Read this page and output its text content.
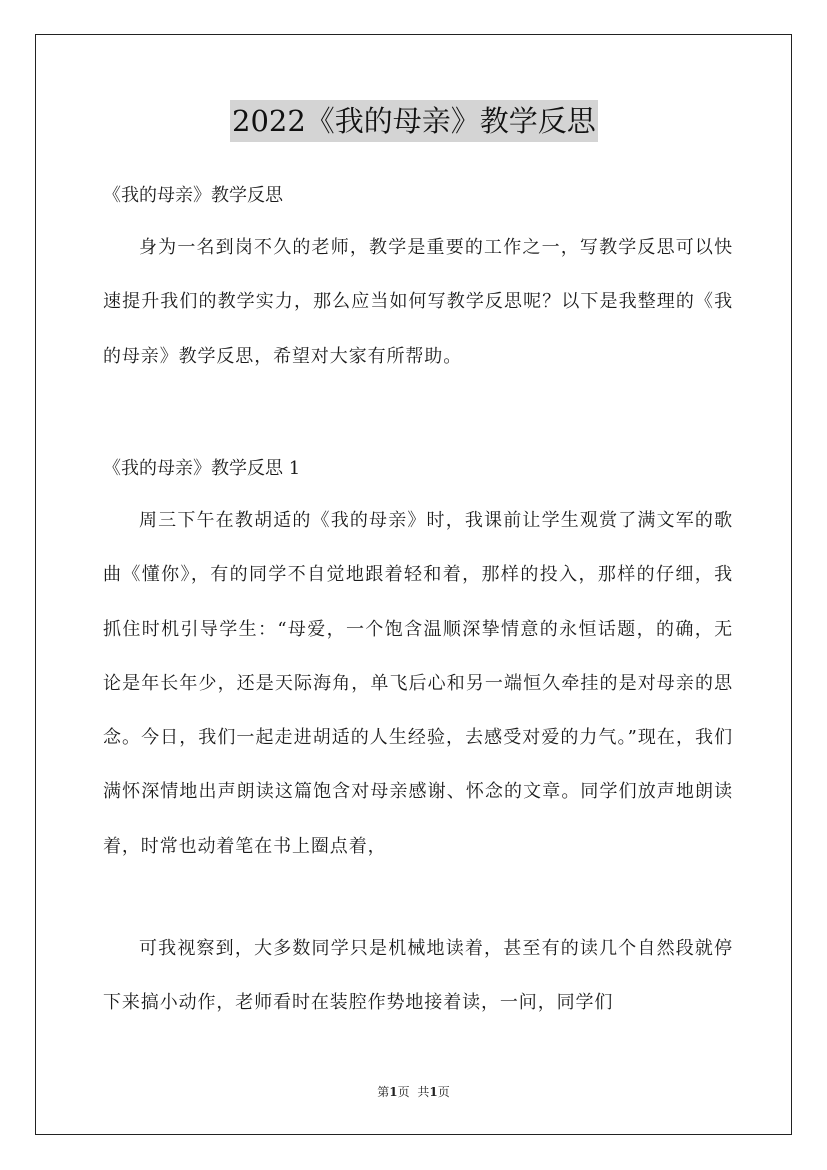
2022《我的母亲》教学反思
《我的母亲》教学反思
身为一名到岗不久的老师，教学是重要的工作之一，写教学反思可以快速提升我们的教学实力，那么应当如何写教学反思呢？以下是我整理的《我的母亲》教学反思，希望对大家有所帮助。
《我的母亲》教学反思 1
周三下午在教胡适的《我的母亲》时，我课前让学生观赏了满文军的歌曲《懂你》，有的同学不自觉地跟着轻和着，那样的投入，那样的仔细，我抓住时机引导学生：“母爱，一个饱含温顺深挚情意的永恒话题，的确，无论是年长年少，还是天际海角，单飞后心和另一端恒久牵挂的是对母亲的思念。今日，我们一起走进胡适的人生经验，去感受对爱的力气。”现在，我们满怀深情地出声朗读这篇饱含对母亲感谢、怀念的文章。同学们放声地朗读着，时常也动着笔在书上圈点着，
可我视察到，大多数同学只是机械地读着，甚至有的读几个自然段就停下来搞小动作，老师看时在装腔作势地接着读，一问，同学们
第1页 共1页
